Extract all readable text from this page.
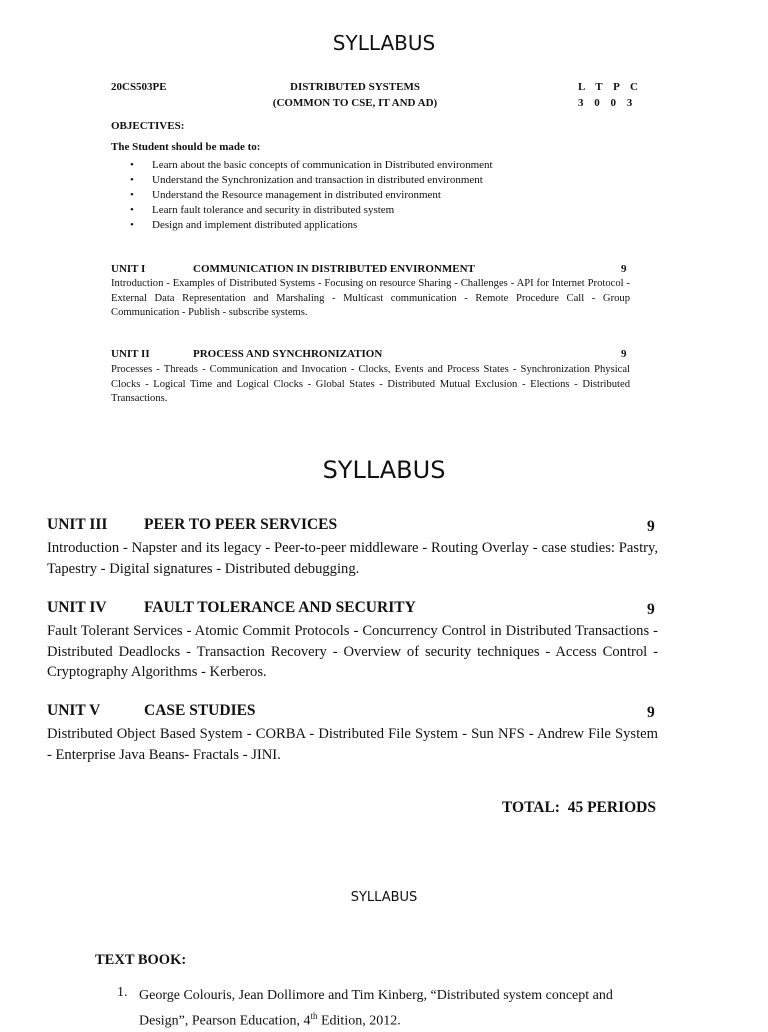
SYLLABUS
20CS503PE	DISTRIBUTED SYSTEMS
(COMMON TO CSE, IT AND AD)
L T P C
3 0 0 3
OBJECTIVES:
The Student should be made to:
• Learn about the basic concepts of communication in Distributed environment
• Understand the Synchronization and transaction in distributed environment
• Understand the Resource management in distributed environment
• Learn fault tolerance and security in distributed system
• Design and implement distributed applications
UNIT I	COMMUNICATION IN DISTRIBUTED ENVIRONMENT	9
Introduction - Examples of Distributed Systems - Focusing on resource Sharing - Challenges - API for Internet Protocol - External Data Representation and Marshaling - Multicast communication - Remote Procedure Call - Group Communication - Publish - subscribe systems.
UNIT II	PROCESS AND SYNCHRONIZATION	9
Processes - Threads - Communication and Invocation - Clocks, Events and Process States - Synchronization Physical Clocks - Logical Time and Logical Clocks - Global States - Distributed Mutual Exclusion - Elections - Distributed Transactions.
SYLLABUS
UNIT III PEER TO PEER SERVICES	9
Introduction - Napster and its legacy - Peer-to-peer middleware - Routing Overlay - case studies: Pastry, Tapestry - Digital signatures - Distributed debugging.
UNIT IV FAULT TOLERANCE AND SECURITY	9
Fault Tolerant Services - Atomic Commit Protocols - Concurrency Control in Distributed Transactions - Distributed Deadlocks - Transaction Recovery - Overview of security techniques - Access Control - Cryptography Algorithms - Kerberos.
UNIT V	CASE STUDIES	9
Distributed Object Based System - CORBA - Distributed File System - Sun NFS - Andrew File System - Enterprise Java Beans- Fractals - JINI.
TOTAL:  45 PERIODS
SYLLABUS
TEXT BOOK:
1. George Colouris, Jean Dollimore and Tim Kinberg, “Distributed system concept and
Design”, Pearson Education, 4th Edition, 2012.
